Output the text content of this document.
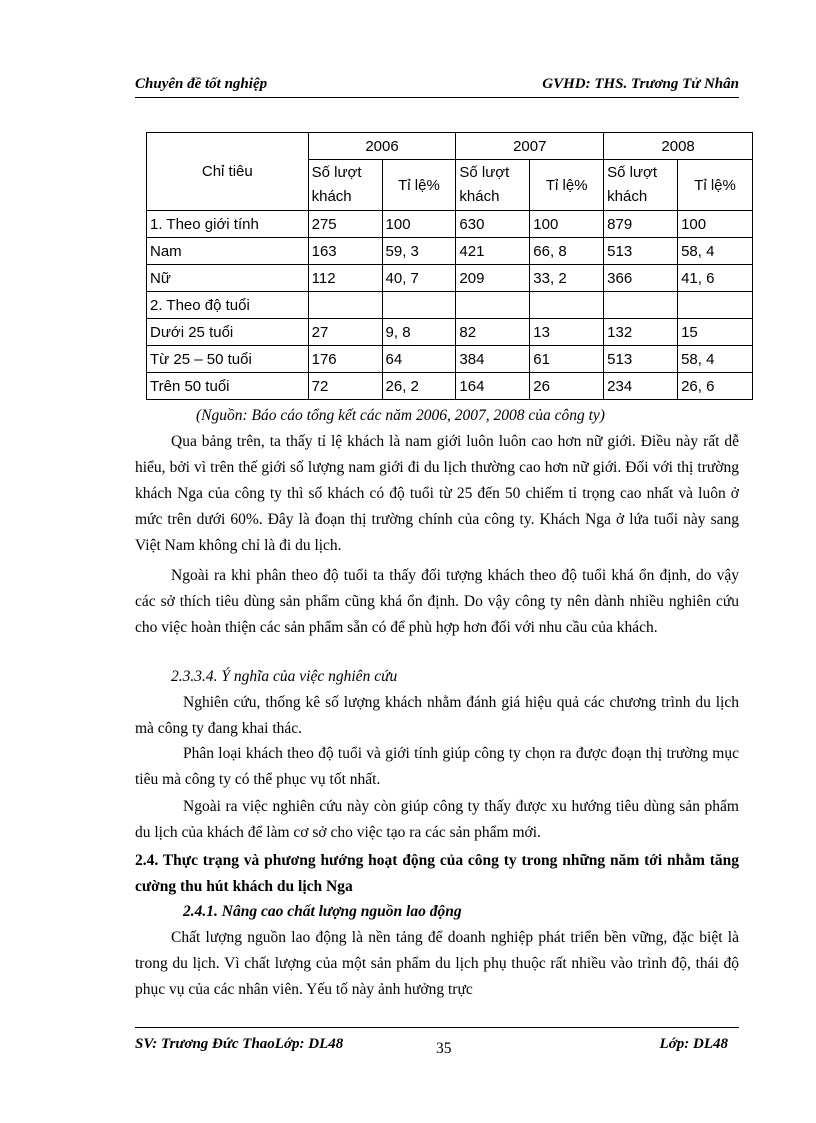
Chuyên đề tốt nghiệp	GVHD: THS. Trương Tử Nhân
Chỉ tiêu	2006		2007		2008	
	Số lượt khách	Tỉ lệ%	Số lượt khách	Tỉ lệ%	Số lượt khách	Tỉ lệ%
1. Theo giới tính	275	100	630	100	879	100
Nam	163	59, 3	421	66, 8	513	58, 4
Nữ	112	40, 7	209	33, 2	366	41, 6
2. Theo độ tuổi						
Dưới 25 tuổi	27	9, 8	82	13	132	15
Từ 25 – 50 tuổi	176	64	384	61	513	58, 4
Trên 50 tuổi	72	26, 2	164	26	234	26, 6
(Nguồn: Báo cáo tổng kết các năm 2006, 2007, 2008 của công ty)
Qua bảng trên, ta thấy tỉ lệ khách là nam giới luôn luôn cao hơn nữ giới. Điều này rất dễ hiểu, bởi vì trên thế giới số lượng nam giới đi du lịch thường cao hơn nữ giới. Đối với thị trường khách Nga của công ty thì số khách có độ tuổi từ 25 đến 50 chiếm tỉ trọng cao nhất và luôn ở mức trên dưới 60%. Đây là đoạn thị trường chính của công ty. Khách Nga ở lứa tuổi này sang Việt Nam không chỉ là đi du lịch.
Ngoài ra khi phân theo độ tuổi ta thấy đối tượng khách theo độ tuổi khá ổn định, do vậy các sở thích tiêu dùng sản phẩm cũng khá ổn định. Do vậy công ty nên dành nhiều nghiên cứu cho việc hoàn thiện các sản phẩm sẵn có để phù hợp hơn đối với nhu cầu của khách.
2.3.3.4. Ý nghĩa của việc nghiên cứu
Nghiên cứu, thống kê số lượng khách nhằm đánh giá hiệu quả các chương trình du lịch mà công ty đang khai thác.
Phân loại khách theo độ tuổi và giới tính giúp công ty chọn ra được đoạn thị trường mục tiêu mà công ty có thể phục vụ tốt nhất.
Ngoài ra việc nghiên cứu này còn giúp công ty thấy được xu hướng tiêu dùng sản phẩm du lịch của khách để làm cơ sở cho việc tạo ra các sản phẩm mới.
2.4. Thực trạng và phương hướng hoạt động của công ty trong những năm tới nhằm tăng cường thu hút khách du lịch Nga
2.4.1. Nâng cao chất lượng nguồn lao động
Chất lượng nguồn lao động là nền tảng để doanh nghiệp phát triển bền vững, đặc biệt là trong du lịch. Vì chất lượng của một sản phẩm du lịch phụ thuộc rất nhiều vào trình độ, thái độ phục vụ của các nhân viên. Yếu tố này ảnh hưởng trực
SV: Trương Đức ThaoLớp: DL48	35	Lớp: DL48
